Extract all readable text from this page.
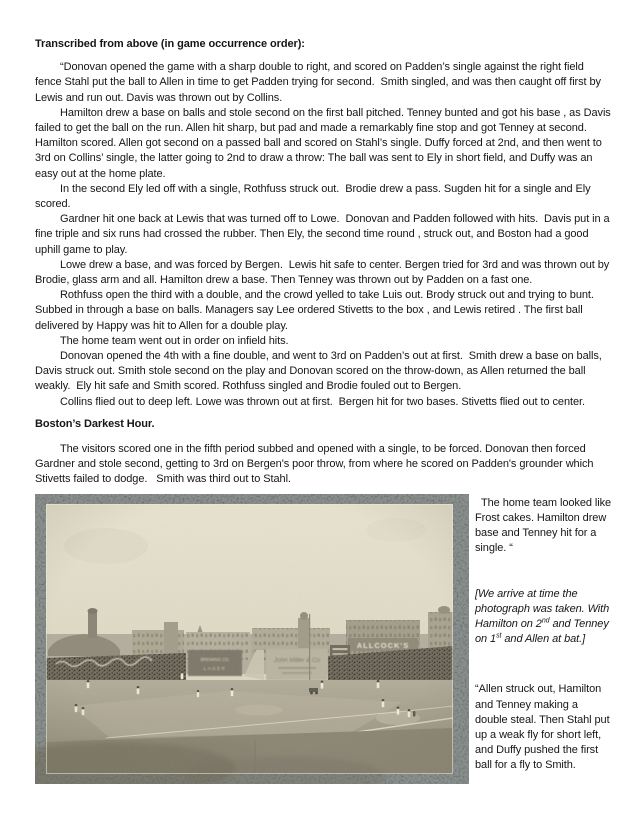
Transcribed from above (in game occurrence order):

“Donovan opened the game with a sharp double to right, and scored on Padden’s single against the right field fence Stahl put the ball to Allen in time to get Padden trying for second.  Smith singled, and was then caught off first by Lewis and run out. Davis was thrown out by Collins.

Hamilton drew a base on balls and stole second on the first ball pitched. Tenney bunted and got his base , as Davis failed to get the ball on the run. Allen hit sharp, but pad and made a remarkably fine stop and got Tenney at second. Hamilton scored. Allen got second on a passed ball and scored on Stahl’s single. Duffy forced at 2nd, and then went to 3rd on Collins’ single, the latter going to 2nd to draw a throw: The ball was sent to Ely in short field, and Duffy was an easy out at the home plate.

In the second Ely led off with a single, Rothfuss struck out.  Brodie drew a pass. Sugden hit for a single and Ely scored.

Gardner hit one back at Lewis that was turned off to Lowe.  Donovan and Padden followed with hits.  Davis put in a fine triple and six runs had crossed the rubber. Then Ely, the second time round , struck out, and Boston had a good uphill game to play.

Lowe drew a base, and was forced by Bergen.  Lewis hit safe to center. Bergen tried for 3rd and was thrown out by Brodie, glass arm and all. Hamilton drew a base. Then Tenney was thrown out by Padden on a fast one.

Rothfuss open the third with a double, and the crowd yelled to take Luis out. Brody struck out and trying to bunt. Subbed in through a base on balls. Managers say Lee ordered Stivetts to the box , and Lewis retired . The first ball delivered by Happy was hit to Allen for a double play.

The home team went out in order on infield hits.

Donovan opened the 4th with a fine double, and went to 3rd on Padden’s out at first.  Smith drew a base on balls, Davis struck out. Smith stole second on the play and Donovan scored on the throw-down, as Allen returned the ball weakly.  Ely hit safe and Smith scored. Rothfuss singled and Brodie fouled out to Bergen.

Collins flied out to deep left. Lowe was thrown out at first.  Bergen hit for two bases. Stivetts flied out to center.

Boston’s Darkest Hour.

The visitors scored one in the fifth period subbed and opened with a single, to be forced. Donovan then forced Gardner and stole second, getting to 3rd on Bergen's poor throw, from where he scored on Padden's grounder which Stivetts failed to dodge.   Smith was third out to Stahl.

The home team looked like Frost cakes. Hamilton drew base and Tenney hit for a single. “

[We arrive at time the photograph was taken. With Hamilton on 2nd and Tenney on 1st and Allen at bat.]

“Allen struck out, Hamilton and Tenney making a double steal. Then Stahl put up a weak fly for short left, and Duffy pushed the first ball for a fly to Smith.
